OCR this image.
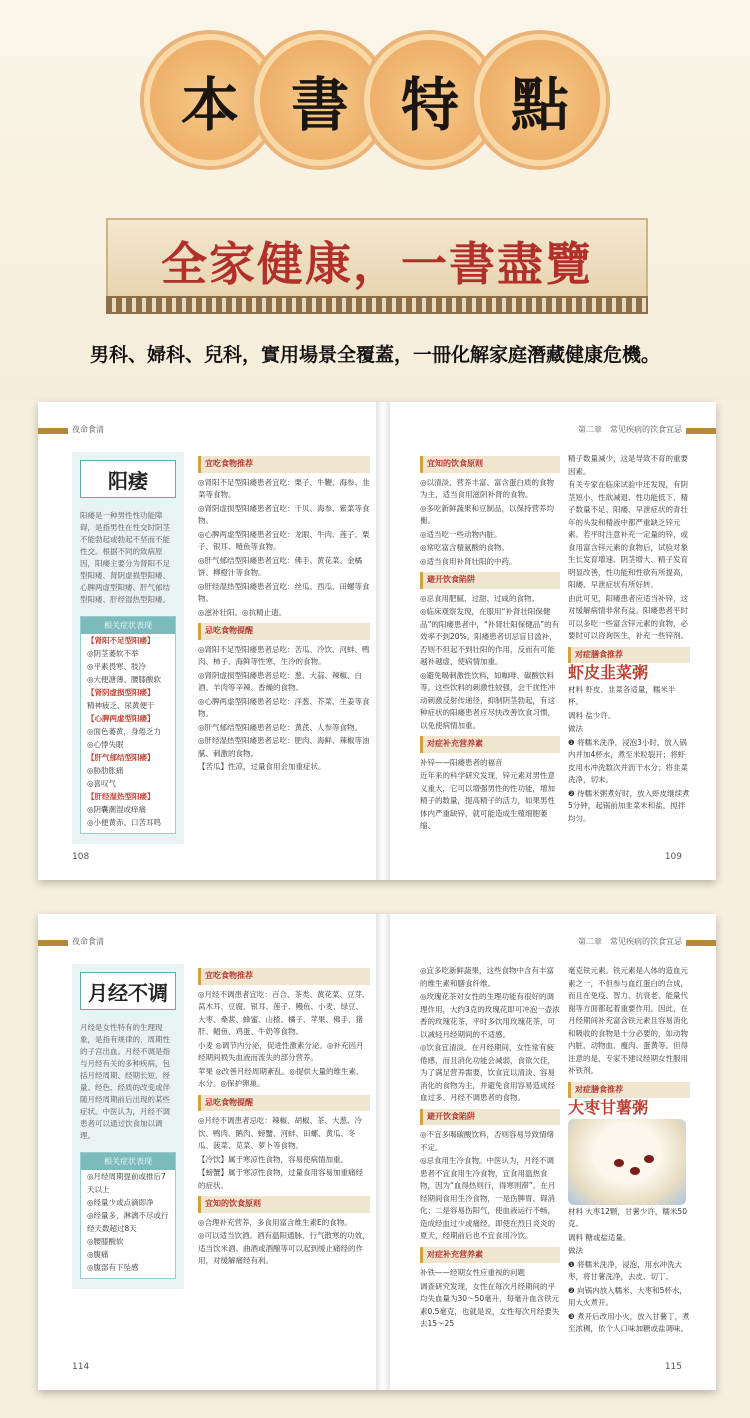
本 書 特 點
全家健康，一書盡覽
男科、婦科、兒科，實用場景全覆蓋，一冊化解家庭潛藏健康危機。
夜命食清	第二章　常见疾病的饮食宜忌
阳痿
阳痿是一种男性性功能障碍，是指男性在性交时阴茎不能勃起或勃起不坚而不能性交。根据不同的致病原因，阳痿主要分为肾阳不足型阳痿、肾阴虚损型阳痿、心脾两虚型阳痿、肝气郁结型阳痿、肝经湿热型阳痿。
相关症状表现
【肾阳不足型阳痿】
◎阴茎萎软不举
◎平素畏寒、肢冷
◎大便溏薄、腰膝酸软
【肾阴虚损型阳痿】
精神疲乏、尿黄便干
【心脾两虚型阳痿】
◎面色萎黄，身倦乏力
◎心悸失眠
【肝气郁结型阳痿】
◎胁肋胀痛
◎喜叹气
【肝经湿热型阳痿】
◎阴囊潮湿或痒痛
◎小便黄赤、口苦耳鸣
宜吃食物推荐
◎肾阳不足型阳痿患者宜吃：栗子、牛鞭、海参、韭菜等食物。
◎肾阴虚损型阳痿患者宜吃：干贝、海参、紫菜等食物。
◎心脾两虚型阳痿患者宜吃：龙眼、牛肉、莲子、栗子、银耳、鲢鱼等食物。
◎肝气郁结型阳痿患者宜吃：佛手、黄花菜、金橘饼、柳橙汁等食物。
◎肝经湿热型阳痿患者宜吃：丝瓜、西瓜、田螺等食物。
◎滋补壮阳。◎抗精止遗。
忌吃食物提醒
◎肾阳不足型阳痿患者忌吃：苦瓜、冷饮、河蚌、鸭肉、柿子、海鲜等性寒、生冷的食物。
◎肾阴虚损型阳痿患者忌吃：葱、大蒜、辣椒、白酒、羊肉等辛辣、香燥的食物。
◎心脾两虚型阳痿患者忌吃：洋葱、芥菜、生姜等食物。
◎肝气郁结型阳痿患者忌吃：黄芪、人参等食物。
◎肝经湿热型阳痿患者忌吃：肥肉、海鲜、辣椒等油腻、刺激的食物。
【苦瓜】性凉，过量食用会加重症状。
宜知的饮食原则
◎以清淡、营养丰富、富含蛋白质的食物为主，适当食用滋阴补肾的食物。
◎多吃新鲜蔬果和豆制品，以保持营养均衡。
◎适当吃一些动物内脏。
◎常吃富含精氨酸的食物。
◎适当食用补肾壮阳的中药。
避开饮食陷阱
◎忌食用肥腻、过甜、过咸的食物。
◎临床观察发现，在服用“补肾壮阳保健品”的阳痿患者中，“补肾壮阳保健品”的有效率不到20%。阳痿患者切忌盲目滥补，否则不但起不到壮阳的作用，反而有可能越补越虚，使病情加重。
◎避免喝刺激性饮料，如咖啡、碳酸饮料等。这些饮料的刺激性较强，会干扰性冲动刺激反射传递径，抑制阴茎勃起，有这种症状的阳痿患者应尽快改善饮食习惯，以免使病情加重。
对症补充营养素
补锌——阳痿患者的福音
近年来的科学研究发现，锌元素对男性意义重大，它可以增强男性的性功能，增加精子的数量，提高精子的活力，如果男性体内严重缺锌，就可能造成生殖细胞萎缩、
精子数量减少，这是导致不育的重要因素。
有关专家在临床试验中还发现，有阴茎短小、性欲减退、性功能低下、精子数量不足、阳痿、早泄症状的青壮年的头发和精液中都严重缺乏锌元素。若平时注意补充一定量的锌，或食用富含锌元素的食物后，试验对象生长发育增速、阴茎增大、精子发育明显改善，性功能和性欲有所提高，阳痿、早泄症状有所好转。
由此可见，阳痿患者应适当补锌，这对缓解病情非常有益。阳痿患者平时可以多吃一些富含锌元素的食物，必要时可以咨询医生，补充一些锌剂。
对症膳食推荐
虾皮韭菜粥
材料 虾皮、韭菜各适量，糯米半杯。
调料 盐少许。
做法
❶ 将糯米洗净，浸泡3小时，放入锅内并加4杯水，煮至米粒裂开；将虾皮用水冲洗数次并沥干水分；将韭菜洗净，切末。
❷ 待糯米粥煮好时，放入虾皮继续煮5分钟，起锅前加韭菜末和盐，搅拌均匀。
108	109
夜命食清	第二章　常见疾病的饮食宜忌
月经不调
月经是女性特有的生理现象，是指有规律的、周期性的子宫出血。月经不调是指与月经有关的多种疾病，包括月经周期、经期长短、经量、经色、经质的改变或伴随月经周期前后出现的某些症状。中医认为，月经不调患者可以通过饮食加以调理。
相关症状表现
◎月经周期提前或推后7天以上
◎经量少或点滴即净
◎经量多，淋漓不尽或行经天数超过8天
◎腰膝酸软
◎腹痛
◎腹部有下坠感
宜吃食物推荐
◎月经不调患者宜吃：百合、茶类、黄花菜、豆芽、莴木耳、豆腐、银耳、莲子、鳗鱼、小麦、绿豆、大枣、桑葚、蜂蜜、山楂、橘子、苹果、佛手、猪肝、鲳鱼、鸡蛋、牛奶等食物。
小麦 ◎调节内分泌，促进性激素分泌。◎补充因月经期间损失血液而流失的部分营养。
苹果 ◎改善月经周期紊乱。◎提供大量的维生素、水分。◎保护卵巢。
忌吃食物提醒
◎月经不调患者忌吃：辣椒、胡椒、茶、大葱、冷饮、鸭肉、鹅肉、螃蟹、河蚌、田螺、黄瓜、冬瓜、菠菜、苋菜、萝卜等食物。
【冷饮】属于寒凉性食物，容易使病情加重。
【螃蟹】属于寒凉性食物，过量食用容易加重痛经的症状。
宜知的饮食原则
◎合理补充营养，多食用富含维生素E的食物。
◎可以适当饮酒。酒有温阳通脉、行气散寒的功效，适当饮米酒、曲酒或酒酿等可以起到缓止痛经的作用，对缓解痛经有利。
◎宜多吃新鲜蔬果，这些食物中含有丰富的维生素和膳食纤维。
◎玫瑰花茶对女性的生理功能有很好的调理作用，大约3克的玫瑰花即可冲泡一壶浓香的玫瑰花茶，平时多饮用玫瑰花茶，可以减轻月经期间的不适感。
◎饮食宜清淡。在月经期间，女性常有疲倦感，而且消化功能会减弱，食欲欠佳，为了满足营养需要，饮食宜以清淡、容易消化的食物为主，并避免食用容易造成经血过多、月经不调患者的食物。
避开饮食陷阱
◎不宜多喝碳酸饮料，否则容易导致情绪不定。
◎忌食用生冷食物。中医认为，月经不调患者不宜食用生冷食物，宜食用温热食物，因为“血得热则行，得寒则滞”。在月经期间食用生冷食物，一是伤脾胃、碍消化；二是容易伤阳气，使血液运行不畅，造成经血过少或痛经。即使在烈日炎炎的夏天，经期前后也不宜食用冷饮。
对症补充营养素
补铁——经期女性应重视的问题
调查研究发现，女性在每次月经期间的平均失血量为30～50毫升，每毫升血含铁元素0.5毫克，也就是说，女性每次月经要失去15～25
毫克铁元素。铁元素是人体的造血元素之一，不但参与血红蛋白的合成，而且在免疫、智力、抗衰老、能量代谢等方面都起着重要作用。因此，在月经期间补充富含铁元素且容易消化和吸收的食物是十分必要的，如动物内脏、动物血、瘦肉、蛋黄等。但得注意的是，专家不建议经期女性服用补铁剂。
对症膳食推荐
大枣甘薯粥
材料 大枣12颗，甘薯少许，糯米50克。
调料 糖或盐适量。
做法
❶ 将糯米洗净，浸泡，用水冲洗大枣，将甘薯洗净，去皮、切丁。
❷ 向锅内放入糯米、大枣和5杯水，用大火煮开。
❸ 煮开后改用小火，放入甘薯丁，煮至浓稠，依个人口味加糖或盐调味。
114	115
